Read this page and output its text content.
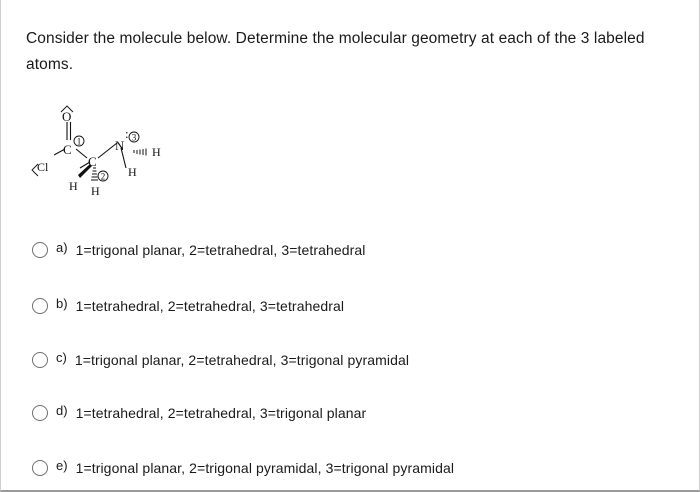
Consider the molecule below. Determine the molecular geometry at each of the 3 labeled atoms.

O
C
Cl	C
N H
H
H H
:
1
2
3
a) 1=trigonal planar, 2=tetrahedral, 3=tetrahedral
b) 1=tetrahedral, 2=tetrahedral, 3=tetrahedral
c) 1=trigonal planar, 2=tetrahedral, 3=trigonal pyramidal
d) 1=tetrahedral, 2=tetrahedral, 3=trigonal planar
e) 1=trigonal planar, 2=trigonal pyramidal, 3=trigonal pyramidal
